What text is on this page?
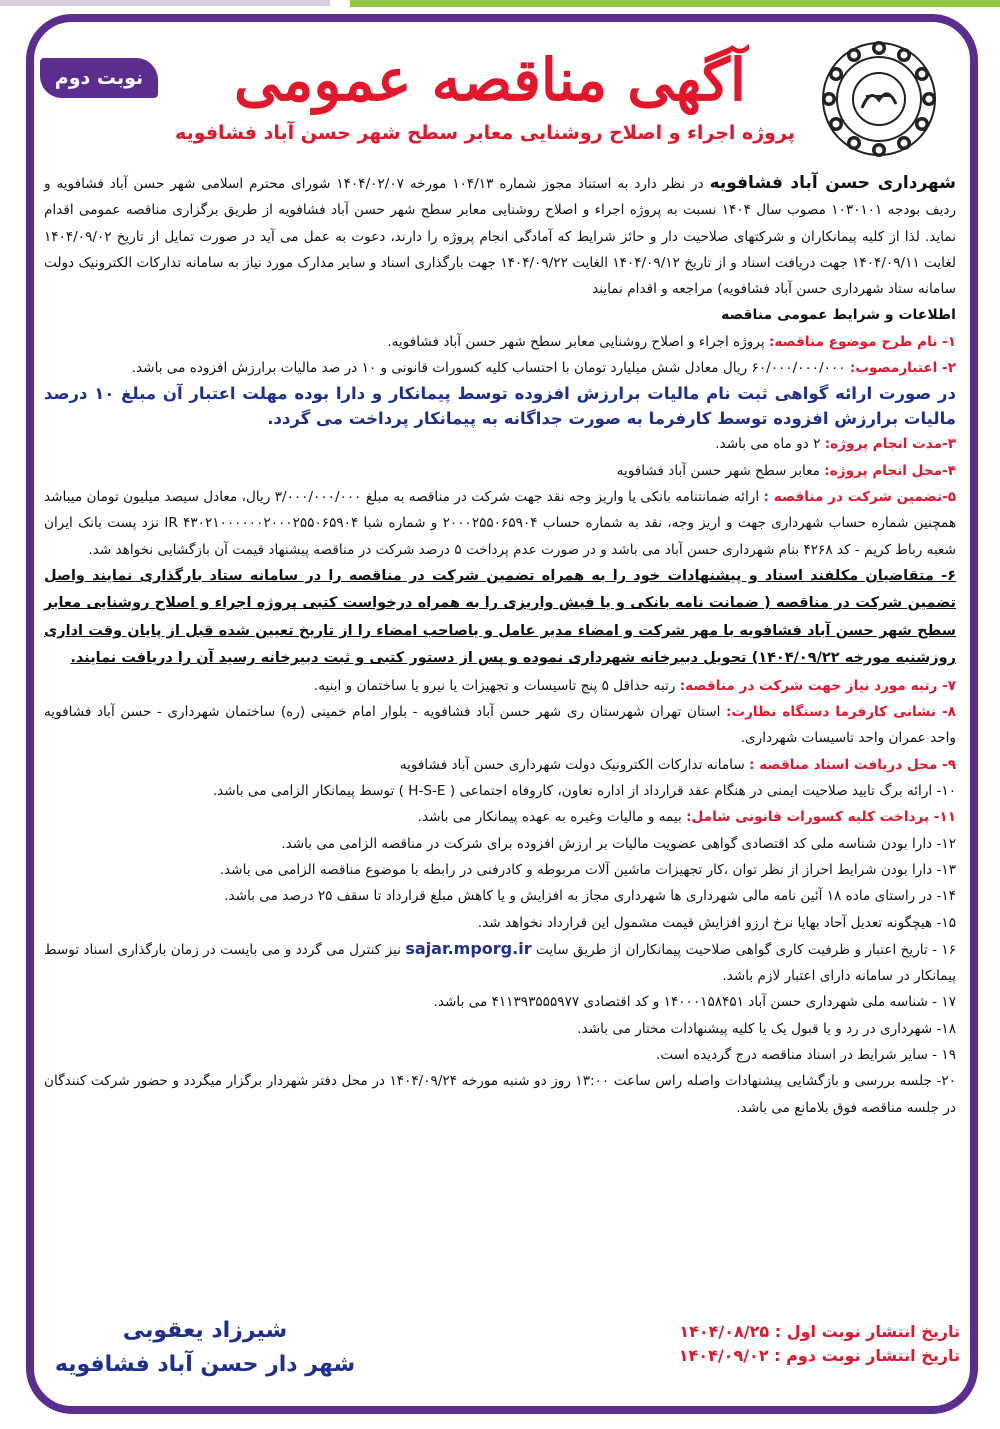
نوبت دوم	آگهی مناقصه عمومی
پروژه اجراء و اصلاح روشنایی معابر سطح شهر حسن آباد فشافویه

شهرداری حسن آباد فشافویه در نظر دارد به استناد مجوز شماره ۱۰۴/۱۳ مورخه ۱۴۰۴/۰۲/۰۷ شورای محترم اسلامی شهر حسن آباد فشافویه و ردیف بودجه ۱۰۳۰۱۰۱ مصوب سال ۱۴۰۴ نسبت به پروژه اجراء و اصلاح روشنایی معابر سطح شهر حسن آباد فشافویه از طریق برگزاری مناقصه عمومی اقدام نماید. لذا از کلیه پیمانکاران و شرکتهای صلاحیت دار و حائز شرایط که آمادگی انجام پروژه را دارند، دعوت به عمل می آید در صورت تمایل از تاریخ ۱۴۰۴/۰۹/۰۲ لغایت ۱۴۰۴/۰۹/۱۱ جهت دریافت اسناد و از تاریخ ۱۴۰۴/۰۹/۱۲ الغایت ۱۴۰۴/۰۹/۲۲ جهت بارگذاری اسناد و سایر مدارک مورد نیاز به سامانه تدارکات الکترونیک دولت سامانه ستاد شهرداری حسن آباد فشافویه) مراجعه و اقدام نمایند

اطلاعات و شرایط عمومی مناقصه

۱- نام طرح موضوع مناقصه: پروژه اجراء و اصلاح روشنایی معابر سطح شهر حسن آباد فشافویه.

۲- اعتبارمصوب: ۶۰/۰۰۰/۰۰۰/۰۰۰ ریال معادل شش میلیارد تومان با احتساب کلیه کسورات قانونی و ۱۰ در صد مالیات برارزش افزوده می باشد.

در صورت ارائه گواهی ثبت نام مالیات برارزش افزوده توسط پیمانکار و دارا بوده مهلت اعتبار آن مبلغ ۱۰ درصد مالیات برارزش افزوده توسط کارفرما به صورت جداگانه به پیمانکار پرداخت می گردد.

۳-مدت انجام پروژه: ۲ دو ماه می باشد.

۴-محل انجام پروژه: معابر سطح شهر حسن آباد فشافویه

۵-تضمین شرکت در مناقصه : ارائه ضمانتنامه بانکی یا واریز وجه نقد جهت شرکت در مناقصه به مبلغ ۳/۰۰۰/۰۰۰/۰۰۰ ریال، معادل سیصد میلیون تومان میباشد همچنین شماره حساب شهرداری جهت و اریز وجه، نقد به شماره حساب ۲۰۰۰۲۵۵۰۶۵۹۰۴ و شماره شبا IR ۴۳۰۲۱۰۰۰۰۰۰۲۰۰۰۲۵۵۰۶۵۹۰۴ نزد پست بانک ایران شعبه رباط کریم - کد ۴۲۶۸ بنام شهرداری حسن آباد می باشد و در صورت عدم پرداخت ۵ درصد شرکت در مناقصه پیشنهاد قیمت آن بازگشایی نخواهد شد.

۶- متقاضیان مکلفند اسناد و پیشنهادات خود را به همراه تضمین شرکت در مناقصه را در سامانه ستاد بارگذاری نمایند واصل تضمین شرکت در مناقصه ( ضمانت نامه بانکی و یا فیش واریزی را به همراه درخواست کتبی پروژه اجراء و اصلاح روشنایی معابر سطح شهر حسن آباد فشافویه با مهر شرکت و امضاء مدیر عامل و یاصاحب امضاء را از تاریخ تعیین شده قبل از پایان وقت اداری روزشنبه مورخه ۱۴۰۴/۰۹/۲۲) تحویل دبیرخانه شهرداری نموده و پس از دستور کتبی و ثبت دبیرخانه رسید آن را دریافت نمایند.

۷- رتبه مورد نیاز جهت شرکت در مناقصه: رتبه حداقل ۵ پنج تاسیسات و تجهیزات یا نیرو یا ساختمان و ابنیه.

۸- نشانی کارفرما دستگاه نظارت: استان تهران شهرستان ری شهر حسن آباد فشافویه - بلوار امام خمینی (ره) ساختمان شهرداری - حسن آباد فشافویه واحد عمران واحد تاسیسات شهرداری.

۹- محل دریافت اسناد مناقصه : سامانه تدارکات الکترونیک دولت شهرداری حسن آباد فشافویه

۱۰- ارائه برگ تایید صلاحیت ایمنی در هنگام عقد قرارداد از اداره تعاون، کاروفاه اجتماعی ( H-S-E ) توسط پیمانکار الزامی می باشد.

۱۱- پرداخت کلیه کسورات قانونی شامل: بیمه و مالیات وغیره به عهده پیمانکار می باشد.

۱۲- دارا بودن شناسه ملی کد اقتصادی گواهی عضویت مالیات بر ارزش افزوده برای شرکت در مناقصه الزامی می باشد.

۱۳- دارا بودن شرایط احراز از نظر توان ،کار تجهیزات ماشین آلات مربوطه و کادرفنی در رابطه با موضوع مناقصه الزامی می باشد.

۱۴- در راستای ماده ۱۸ آئین نامه مالی شهرداری ها شهرداری مجاز به افزایش و یا کاهش مبلغ قرارداد تا سقف ۲۵ درصد می باشد.

۱۵- هیچگونه تعدیل آحاد بهایا نرخ ارزو افزایش قیمت مشمول این قرارداد نخواهد شد.

۱۶ - تاریخ اعتبار و ظرفیت کاری گواهی صلاحیت پیمانکاران از طریق سایت sajar.mporg.ir نیز کنترل می گردد و می بایست در زمان بارگذاری اسناد توسط پیمانکار در سامانه دارای اعتبار لازم باشد.

۱۷ - شناسه ملی شهرداری حسن آباد ۱۴۰۰۰۱۵۸۴۵۱ و کد اقتصادی ۴۱۱۳۹۳۵۵۵۹۷۷ می باشد.

۱۸- شهرداری در رد و یا قبول یک یا کلیه پیشنهادات مختار می باشد.

۱۹ - سایر شرایط در اسناد مناقصه درج گردیده است.

۲۰- جلسه بررسی و بازگشایی پیشنهادات واصله راس ساعت ۱۳:۰۰ روز دو شنبه مورخه ۱۴۰۴/۰۹/۲۴ در محل دفتر شهردار برگزار میگردد و حضور شرکت کنندگان در جلسه مناقصه فوق بلامانع می باشد.

تاریخ انتشار نوبت اول : ۱۴۰۴/۰۸/۲۵
تاریخ انتشار نوبت دوم : ۱۴۰۴/۰۹/۰۲
شیرزاد یعقوبی
شهر دار حسن آباد فشافویه
